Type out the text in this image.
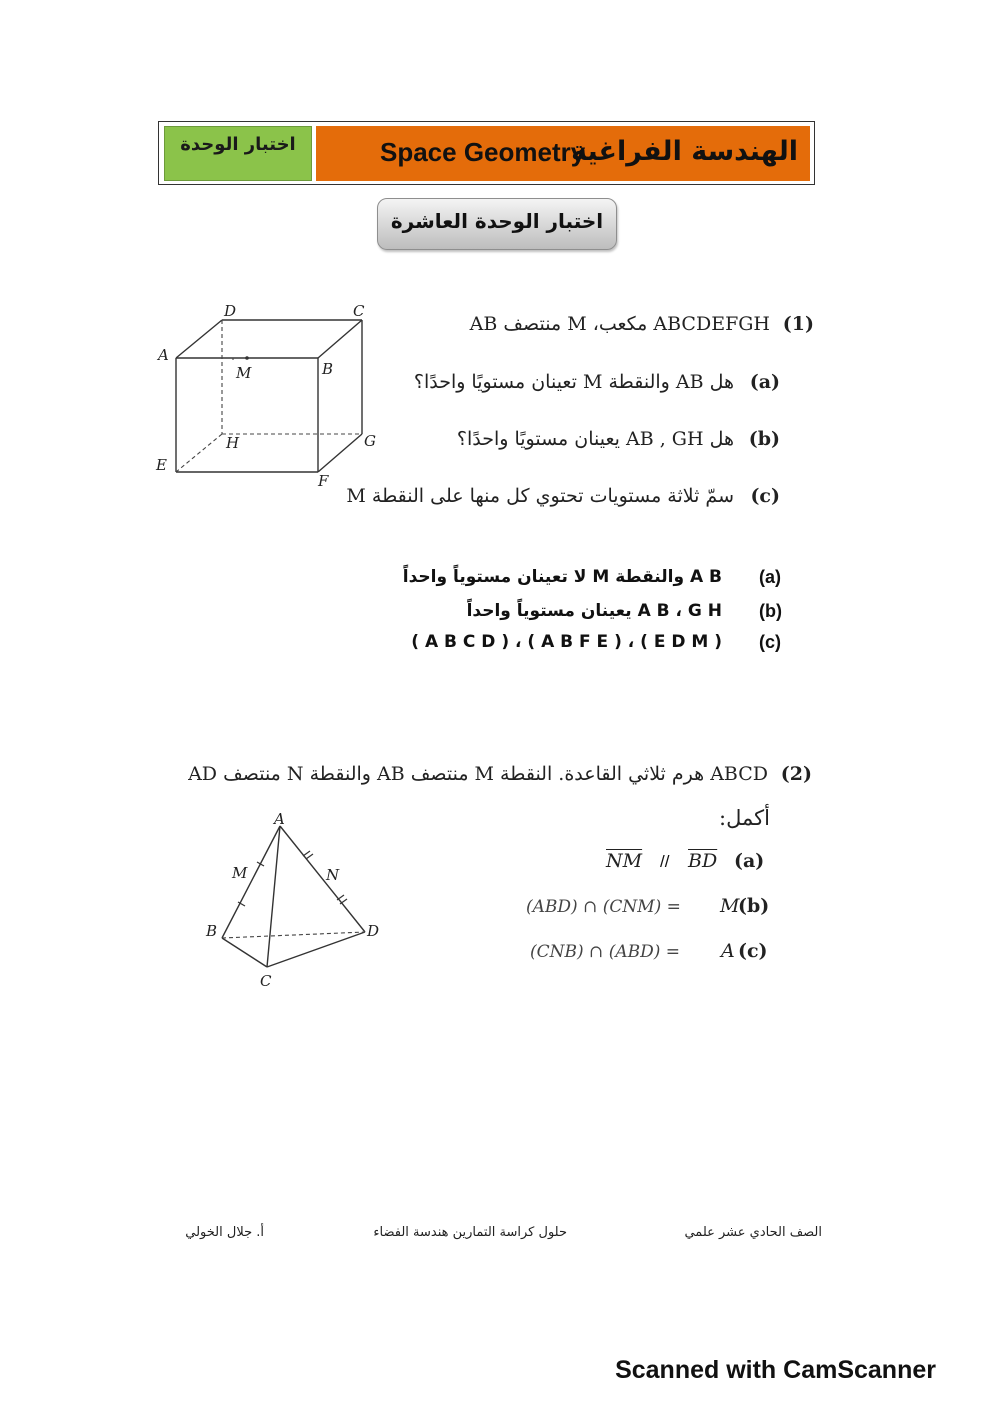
Space Geometry
الهندسة الفراغية
اختبار الوحدة
اختبار الوحدة العاشرة
A
B
C
D
E
F
G
H
M
(1)
ABCDEFGH مكعب، M منتصف AB
(a)
هل AB والنقطة M تعينان مستويًا واحدًا؟
(b)
هل AB , GH يعينان مستويًا واحدًا؟
(c)
سمّ ثلاثة مستويات تحتوي كل منها على النقطة M
(a)
A B والنقطة M لا تعينان مستوياً واحداً
(b)
A B ، G H يعينان مستوياً واحداً
(c)
( A B C D ) ، ( A B F E ) ، ( E D M )
(2)
ABCD هرم ثلاثي القاعدة. النقطة M منتصف AB والنقطة N منتصف AD
أكمل:
(a)
$\overline{BD}$
//
$\overline{NM}$
(b)
M
(ABD) ∩ (CNM) =
(c)
A
(CNB) ∩ (ABD) =
A
B
C
D
M	N
الصف الحادي عشر علمي
حلول كراسة التمارين هندسة الفضاء
أ. جلال الخولي
Scanned with CamScanner
